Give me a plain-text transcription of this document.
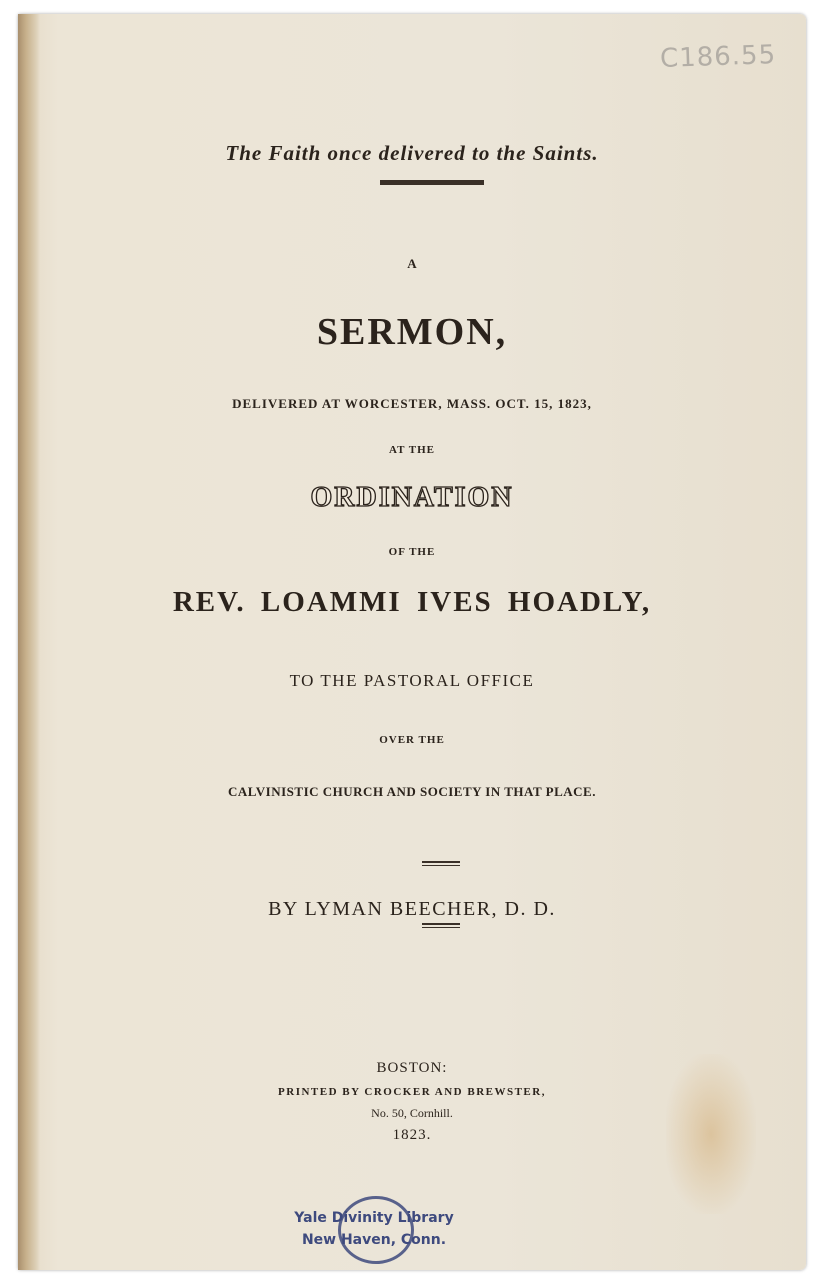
C186.55
The Faith once delivered to the Saints.
A
SERMON,
DELIVERED AT WORCESTER, MASS. OCT. 15, 1823,
AT THE
ORDINATION
OF THE
REV. LOAMMI IVES HOADLY,
TO THE PASTORAL OFFICE
OVER THE
CALVINISTIC CHURCH AND SOCIETY IN THAT PLACE.
BY LYMAN BEECHER, D. D.
BOSTON:
PRINTED BY CROCKER AND BREWSTER,
No. 50, Cornhill.
1823.
Yale Divinity Library
New Haven, Conn.
